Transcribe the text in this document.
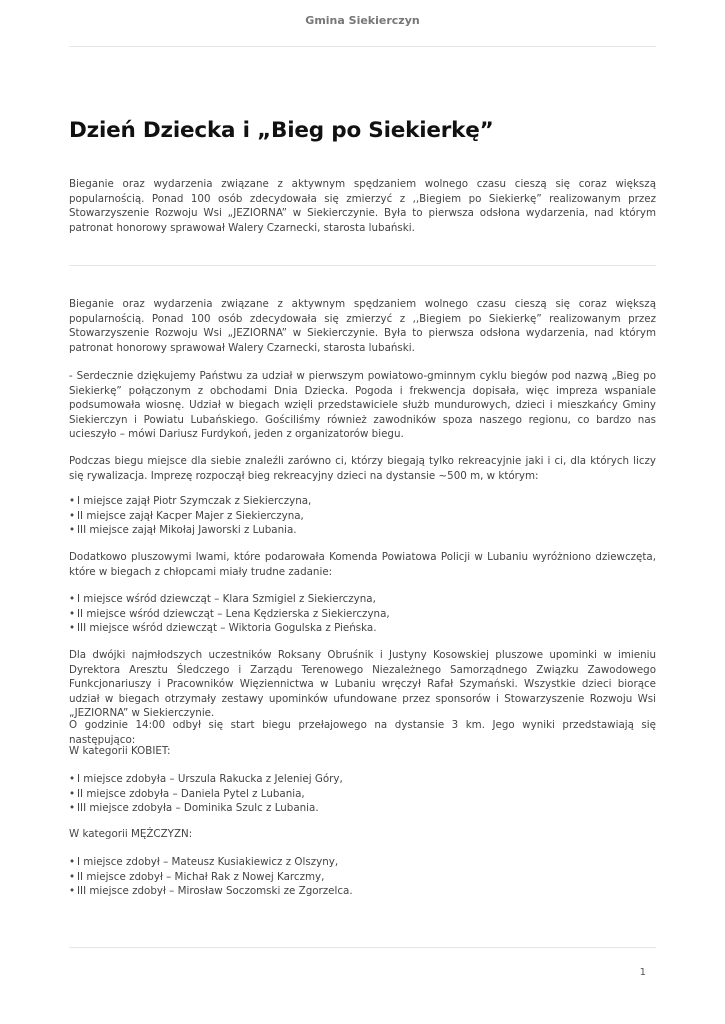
Gmina Siekierczyn
Dzień Dziecka i „Bieg po Siekierkę”

Bieganie oraz wydarzenia związane z aktywnym spędzaniem wolnego czasu cieszą się coraz większą popularnością. Ponad 100 osób zdecydowała się zmierzyć z ,,Biegiem po Siekierkę” realizowanym przez Stowarzyszenie Rozwoju Wsi „JEZIORNA” w Siekierczynie. Była to pierwsza odsłona wydarzenia, nad którym patronat honorowy sprawował Walery Czarnecki, starosta lubański.

Bieganie oraz wydarzenia związane z aktywnym spędzaniem wolnego czasu cieszą się coraz większą popularnością. Ponad 100 osób zdecydowała się zmierzyć z ,,Biegiem po Siekierkę” realizowanym przez Stowarzyszenie Rozwoju Wsi „JEZIORNA” w Siekierczynie. Była to pierwsza odsłona wydarzenia, nad którym patronat honorowy sprawował Walery Czarnecki, starosta lubański.

- Serdecznie dziękujemy Państwu za udział w pierwszym powiatowo-gminnym cyklu biegów pod nazwą „Bieg po Siekierkę” połączonym z obchodami Dnia Dziecka. Pogoda i frekwencja dopisała, więc impreza wspaniale podsumowała wiosnę. Udział w biegach wzięli przedstawiciele służb mundurowych, dzieci i mieszkańcy Gminy Siekierczyn i Powiatu Lubańskiego. Gościliśmy również zawodników spoza naszego regionu, co bardzo nas ucieszyło – mówi Dariusz Furdykoń, jeden z organizatorów biegu.

Podczas biegu miejsce dla siebie znaleźli zarówno ci, którzy biegają tylko rekreacyjnie jaki i ci, dla których liczy się rywalizacja. Imprezę rozpoczął bieg rekreacyjny dzieci na dystansie ~500 m, w którym:

• I miejsce zajął Piotr Szymczak z Siekierczyna,
• II miejsce zajął Kacper Majer z Siekierczyna,
• III miejsce zajął Mikołaj Jaworski z Lubania.

Dodatkowo pluszowymi lwami, które podarowała Komenda Powiatowa Policji w Lubaniu wyróżniono dziewczęta, które w biegach z chłopcami miały trudne zadanie:

• I miejsce wśród dziewcząt – Klara Szmigiel z Siekierczyna,
• II miejsce wśród dziewcząt – Lena Kędzierska z Siekierczyna,
• III miejsce wśród dziewcząt – Wiktoria Gogulska z Pieńska.

Dla dwójki najmłodszych uczestników Roksany Obruśnik i Justyny Kosowskiej pluszowe upominki w imieniu Dyrektora Aresztu Śledczego i Zarządu Terenowego Niezależnego Samorządnego Związku Zawodowego Funkcjonariuszy i Pracowników Więziennictwa w Lubaniu wręczył Rafał Szymański. Wszystkie dzieci biorące udział w biegach otrzymały zestawy upominków ufundowane przez sponsorów i Stowarzyszenie Rozwoju Wsi „JEZIORNA” w Siekierczynie.

O godzinie 14:00 odbył się start biegu przełajowego na dystansie 3 km. Jego wyniki przedstawiają się następująco:

W kategorii KOBIET:

• I miejsce zdobyła – Urszula Rakucka z Jeleniej Góry,
• II miejsce zdobyła – Daniela Pytel z Lubania,
• III miejsce zdobyła – Dominika Szulc z Lubania.

W kategorii MĘŻCZYZN:

• I miejsce zdobył – Mateusz Kusiakiewicz z Olszyny,
• II miejsce zdobył – Michał Rak z Nowej Karczmy,
• III miejsce zdobył – Mirosław Soczomski ze Zgorzelca.
1
